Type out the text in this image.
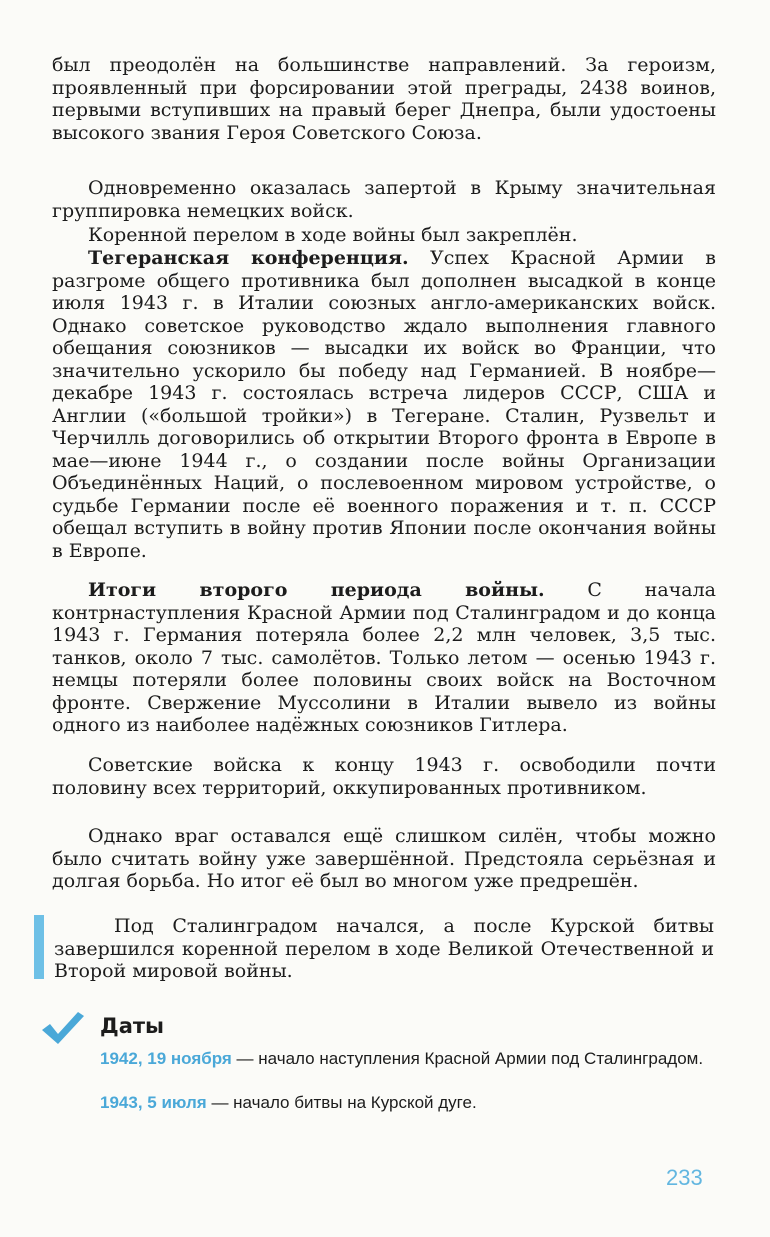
был преодолён на большинстве направлений. За героизм, проявленный при форсировании этой преграды, 2438 воинов, первыми вступивших на правый берег Днепра, были удостоены высокого звания Героя Советского Союза.

Одновременно оказалась запертой в Крыму значительная группировка немецких войск.

Коренной перелом в ходе войны был закреплён.

Тегеранская конференция. Успех Красной Армии в разгроме общего противника был дополнен высадкой в конце июля 1943 г. в Италии союзных англо-американских войск. Однако советское руководство ждало выполнения главного обещания союзников — высадки их войск во Франции, что значительно ускорило бы победу над Германией. В ноябре—декабре 1943 г. состоялась встреча лидеров СССР, США и Англии («большой тройки») в Тегеране. Сталин, Рузвельт и Черчилль договорились об открытии Второго фронта в Европе в мае—июне 1944 г., о создании после войны Организации Объединённых Наций, о послевоенном мировом устройстве, о судьбе Германии после её военного поражения и т. п. СССР обещал вступить в войну против Японии после окончания войны в Европе.

Итоги второго периода войны. С начала контрнаступления Красной Армии под Сталинградом и до конца 1943 г. Германия потеряла более 2,2 млн человек, 3,5 тыс. танков, около 7 тыс. самолётов. Только летом — осенью 1943 г. немцы потеряли более половины своих войск на Восточном фронте. Свержение Муссолини в Италии вывело из войны одного из наиболее надёжных союзников Гитлера.

Советские войска к концу 1943 г. освободили почти половину всех территорий, оккупированных противником.

Однако враг оставался ещё слишком силён, чтобы можно было считать войну уже завершённой. Предстояла серьёзная и долгая борьба. Но итог её был во многом уже предрешён.

Под Сталинградом начался, а после Курской битвы завершился коренной перелом в ходе Великой Отечественной и Второй мировой войны.

Даты

1942, 19 ноября — начало наступления Красной Армии под Сталинградом.

1943, 5 июля — начало битвы на Курской дуге.

233
